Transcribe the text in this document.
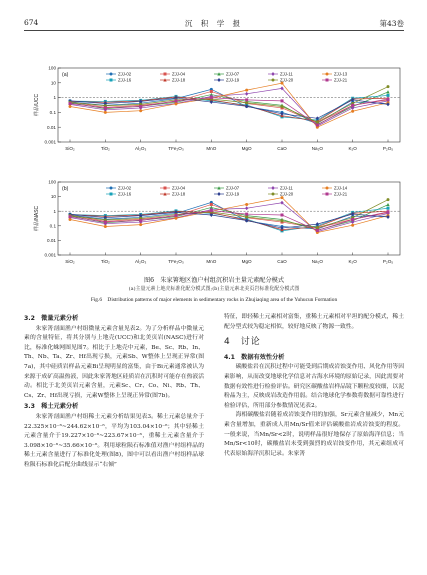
674	沉 积 学 报	第43卷
0.001
0.01
0.1
1
10
100
SiO₂	TiO₂	Al₂O₃	TFe₂O₃	MnO	MgO	CaO	Na₂O	K₂O	P₂O₅
(a)
样品/UCC
ZJJ-02	ZJJ-04	ZJJ-07	ZJJ-11	ZJJ-13
ZJJ-16	ZJJ-18	ZJJ-19	ZJJ-20	ZJJ-21
0.001
0.01
0.1
1
10
100
SiO₂	TiO₂	Al₂O₃	TFe₂O₃	MnO	MgO	CaO	Na₂O	K₂O	P₂O₅
(b)
样品/NASC
ZJJ-02	ZJJ-04	ZJJ-07	ZJJ-11	ZJJ-14
ZJJ-16	ZJJ-18	ZJJ-19	ZJJ-20	ZJJ-21
图6　朱家箐地区渔户村组沉积岩主量元素配分模式
(a)主量元素上地壳标准化配分模式图;(b)主量元素北美页岩标准化配分模式图
Fig.6　Distribution patterns of major elements in sedimentary rocks in Zhujiaqing area of the Yuhucun Formation
3.2　微量元素分析

朱家箐剖面渔户村组微量元素含量见表2。为了分析样品中微量元素的含量特征，将其分别与上地壳(UCC)和北美页岩(NASC)进行对比，标准化蛛网图见图7。相比于上地壳中元素，Be、Sc、Rb、In、Th、Nb、Ta、Zr、Hf出现亏损，元素Sb、W整体上呈现正异常(图7a)，其中硅质岩样品元素Bi呈现明显的富集，由于Bi元素通常被认为来源于成矿高温热液，因此朱家箐地区硅质岩在沉积时可能存在热液活动。相比于北美页岩元素含量，元素Sc、Cr、Co、Ni、Rb、Th、Cs、Zr、Hf出现亏损，元素W整体上呈现正异常(图7b)。

3.3　稀土元素分析

朱家箐剖面渔户村组稀土元素分析结果见表3。稀土元素总量介于22.325×10⁻⁶~244.62×10⁻⁶，平均为103.04×10⁻⁶；其中轻稀土元素含量介于19.227×10⁻⁶~223.67×10⁻⁶，重稀土元素含量介于3.098×10⁻⁶~35.66×10⁻⁶。利用球粒陨石标准值对渔户村组样品的稀土元素含量进行了标准化处理(图8)，图中可以看出渔户村组样品球粒陨石标准化后配分曲线显示“右倾”

特征，即轻稀土元素相对富集，重稀土元素相对平坦的配分模式，稀土配分型式较为稳定相似，较好地反映了物源一致性。

4　讨论
4.1　数据有效性分析

碳酸盐岩在沉积过程中可能受到后期成岩蚀变作用、风化作用等因素影响，从而改变地球化学信息对古海水环境的原始记录，因此需要对数据有效性进行检验评估。研究区碳酸盐岩样品镜下颗粒度较细，以泥粉晶为主，反映成岩改造作用弱。结合地球化学参数将数据可靠性进行检验评估，所用部分参数情况见表2。

海相碳酸盐岩随着成岩蚀变作用的加强，Sr元素含量减少，Mn元素含量增加，重新成人用Mn/Sr值来评估碳酸盐岩成岩蚀变的程度。一般来说，当Mn/Sr<2时，说明样品很好地保存了原始海洋信息；当Mn/Sr<10时，碳酸盐岩未受到强烈的成岩蚀变作用，其元素组成可代表原始海洋沉积记录。朱家箐
